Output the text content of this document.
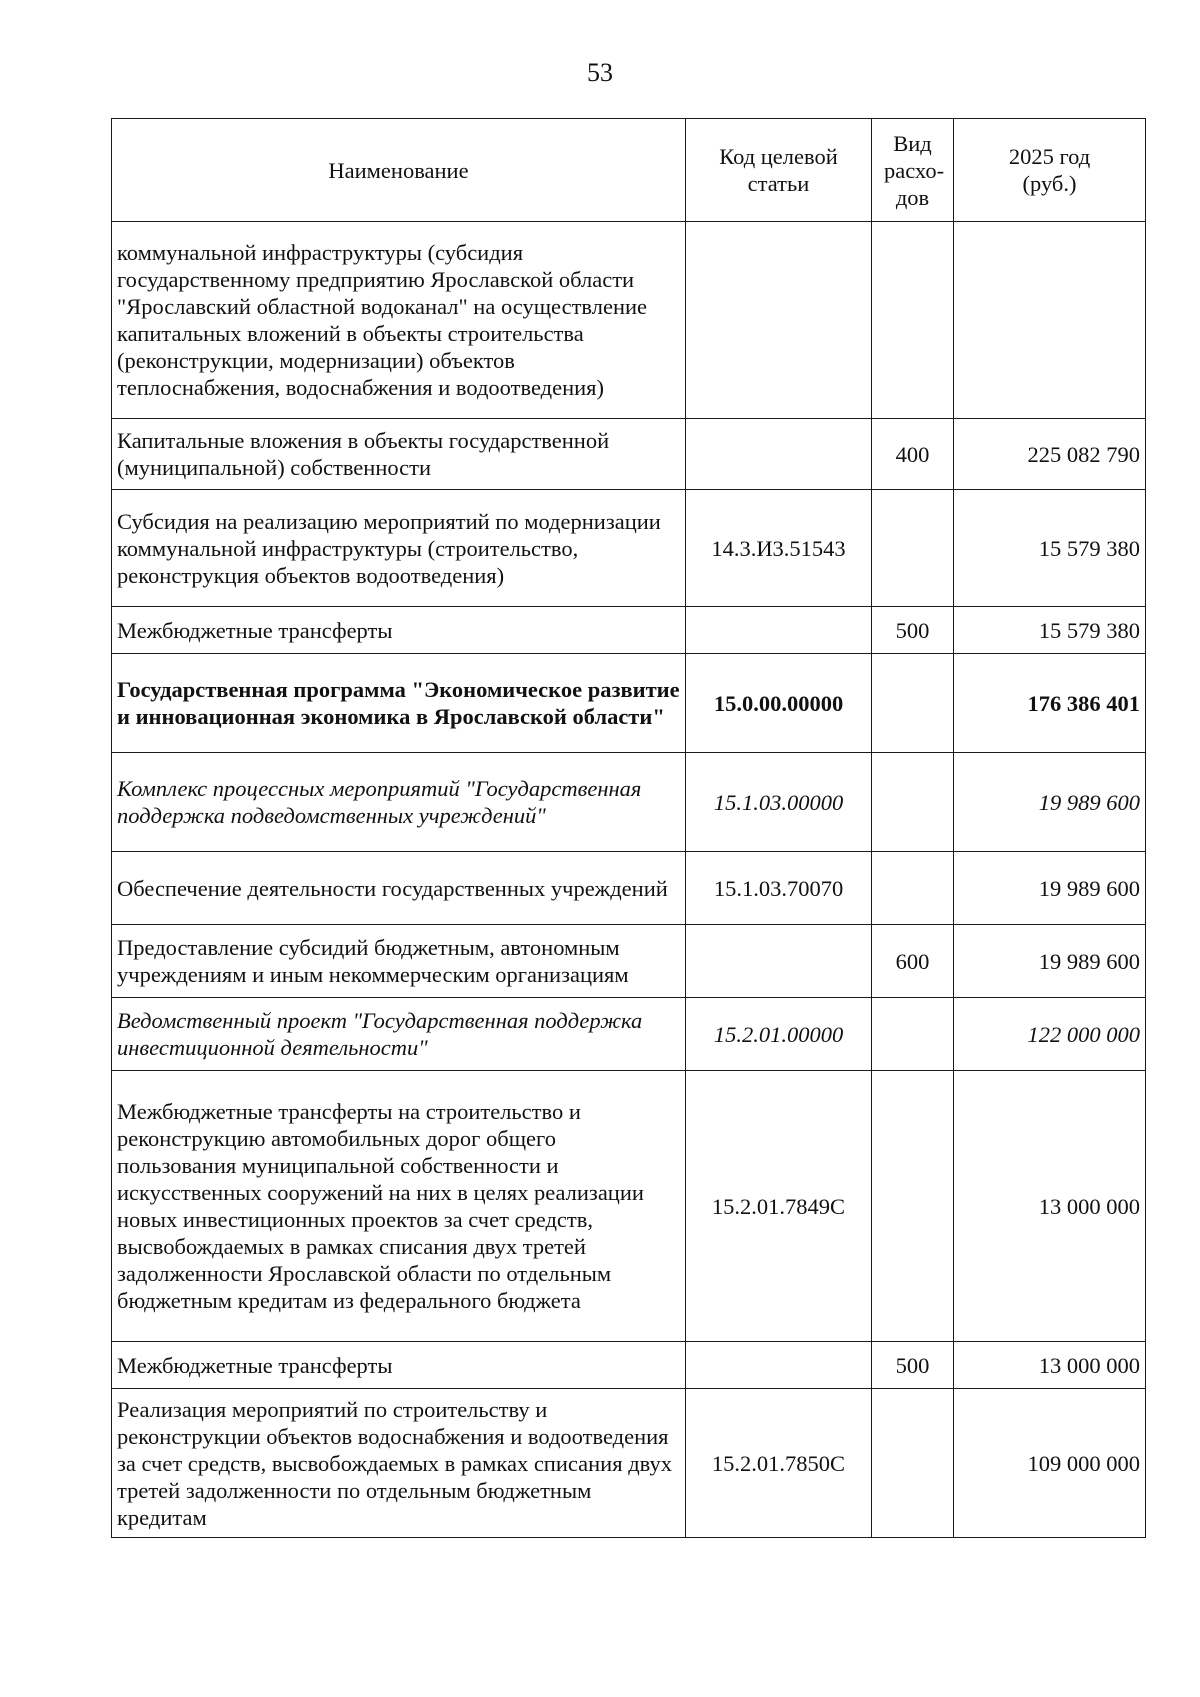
53
Наименование	Код целевой статьи	Вид расхо-дов	2025 год (руб.)
коммунальной инфраструктуры (субсидия государственному предприятию Ярославской области "Ярославский областной водоканал" на осуществление капитальных вложений в объекты строительства (реконструкции, модернизации) объектов теплоснабжения, водоснабжения и водоотведения)			
Капитальные вложения в объекты государственной (муниципальной) собственности		400	225 082 790
Субсидия на реализацию мероприятий по модернизации коммунальной инфраструктуры (строительство, реконструкция объектов водоотведения)	14.3.И3.51543		15 579 380
Межбюджетные трансферты		500	15 579 380
Государственная программа "Экономическое развитие и инновационная экономика в Ярославской области"	15.0.00.00000		176 386 401
Комплекс процессных мероприятий "Государственная поддержка подведомственных учреждений"	15.1.03.00000		19 989 600
Обеспечение деятельности государственных учреждений	15.1.03.70070		19 989 600
Предоставление субсидий бюджетным, автономным учреждениям и иным некоммерческим организациям		600	19 989 600
Ведомственный проект "Государственная поддержка инвестиционной деятельности"	15.2.01.00000		122 000 000
Межбюджетные трансферты на строительство и реконструкцию автомобильных дорог общего пользования муниципальной собственности и искусственных сооружений на них в целях реализации новых инвестиционных проектов за счет средств, высвобождаемых в рамках списания двух третей задолженности Ярославской области по отдельным бюджетным кредитам из федерального бюджета	15.2.01.7849C		13 000 000
Межбюджетные трансферты		500	13 000 000
Реализация мероприятий по строительству и реконструкции объектов водоснабжения и водоотведения за счет средств, высвобождаемых в рамках списания двух третей задолженности по отдельным бюджетным кредитам	15.2.01.7850C		109 000 000
